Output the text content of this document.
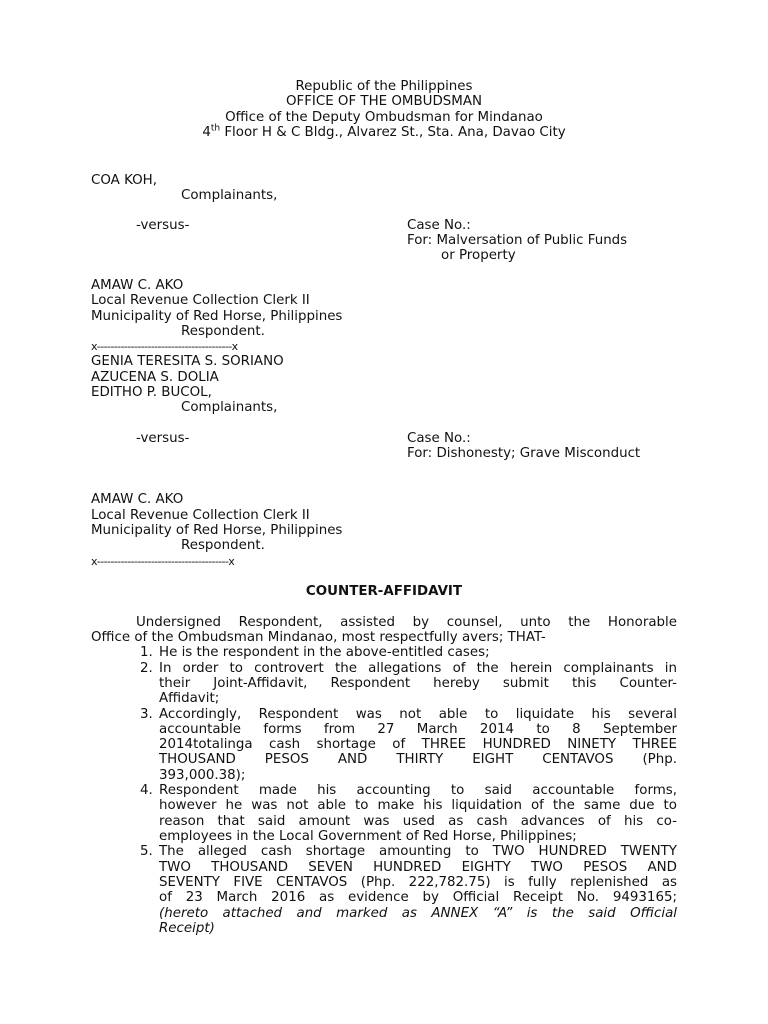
Republic of the Philippines
OFFICE OF THE OMBUDSMAN
Office of the Deputy Ombudsman for Mindanao
4th Floor H & C Bldg., Alvarez St., Sta. Ana, Davao City
COA KOH,
Complainants,
-versus-	Case No.:
For: Malversation of Public Funds
or Property
AMAW C. AKO
Local Revenue Collection Clerk II
Municipality of Red Horse, Philippines
Respondent.
x----------------------------------------x
GENIA TERESITA S. SORIANO
AZUCENA S. DOLIA
EDITHO P. BUCOL,
Complainants,
-versus-	Case No.:
For: Dishonesty; Grave Misconduct
AMAW C. AKO
Local Revenue Collection Clerk II
Municipality of Red Horse, Philippines
Respondent.
x---------------------------------------x
COUNTER-AFFIDAVIT
Undersigned Respondent, assisted by counsel, unto the Honorable
Office of the Ombudsman Mindanao, most respectfully avers; THAT-
1. He is the respondent in the above-entitled cases;
2. In order to controvert the allegations of the herein complainants in
their Joint-Affidavit, Respondent hereby submit this Counter-
Affidavit;
3. Accordingly, Respondent was not able to liquidate his several
accountable forms from 27 March 2014 to 8 September
2014totalinga cash shortage of THREE HUNDRED NINETY THREE
THOUSAND PESOS AND THIRTY EIGHT CENTAVOS (Php.
393,000.38);
4. Respondent made his accounting to said accountable forms,
however he was not able to make his liquidation of the same due to
reason that said amount was used as cash advances of his co-
employees in the Local Government of Red Horse, Philippines;
5. The alleged cash shortage amounting to TWO HUNDRED TWENTY
TWO THOUSAND SEVEN HUNDRED EIGHTY TWO PESOS AND
SEVENTY FIVE CENTAVOS (Php. 222,782.75) is fully replenished as
of 23 March 2016 as evidence by Official Receipt No. 9493165;
(hereto attached and marked as ANNEX “A” is the said Official
Receipt)
